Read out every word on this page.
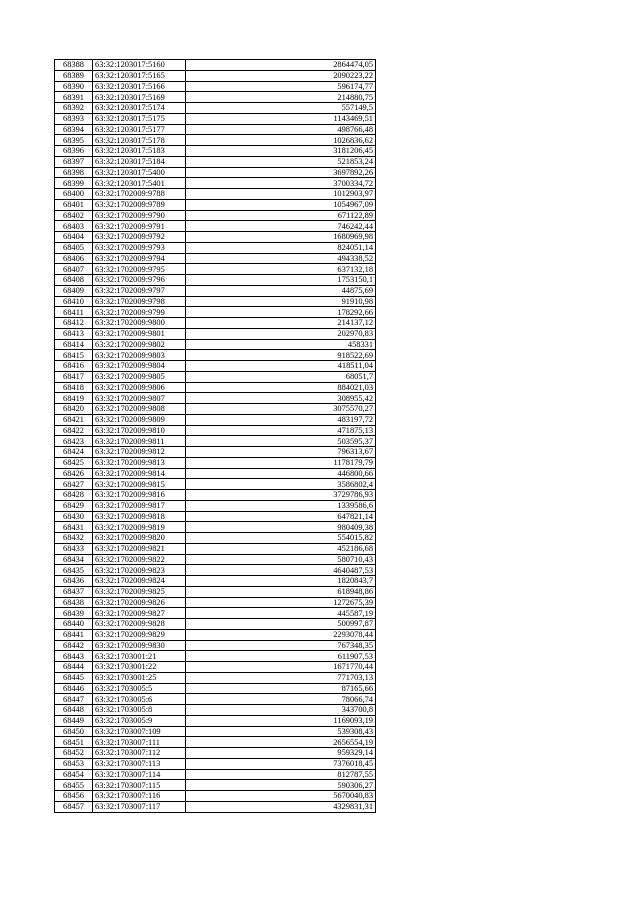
68388	63:32:1203017:5160	2864474,05
68389	63:32:1203017:5165	2090223,22
68390	63:32:1203017:5166	596174,77
68391	63:32:1203017:5169	214880,75
68392	63:32:1203017:5174	557149,5
68393	63:32:1203017:5175	1143469,51
68394	63:32:1203017:5177	498766,48
68395	63:32:1203017:5178	1026836,62
68396	63:32:1203017:5183	3181206,45
68397	63:32:1203017:5184	521853,24
68398	63:32:1203017:5400	3697892,26
68399	63:32:1203017:5401	3700334,72
68400	63:32:1702009:9788	1012903,97
68401	63:32:1702009:9789	1054967,09
68402	63:32:1702009:9790	671122,89
68403	63:32:1702009:9791	746242,44
68404	63:32:1702009:9792	1680969,98
68405	63:32:1702009:9793	824051,14
68406	63:32:1702009:9794	494338,52
68407	63:32:1702009:9795	637132,18
68408	63:32:1702009:9796	1753150,1
68409	63:32:1702009:9797	44875,69
68410	63:32:1702009:9798	91910,98
68411	63:32:1702009:9799	178292,66
68412	63:32:1702009:9800	214137,12
68413	63:32:1702009:9801	202970,83
68414	63:32:1702009:9802	458331
68415	63:32:1702009:9803	918522,69
68416	63:32:1702009:9804	418511,04
68417	63:32:1702009:9805	68051,7
68418	63:32:1702009:9806	884021,03
68419	63:32:1702009:9807	308955,42
68420	63:32:1702009:9808	3075570,27
68421	63:32:1702009:9809	483197,72
68422	63:32:1702009:9810	471875,13
68423	63:32:1702009:9811	503595,37
68424	63:32:1702009:9812	796313,67
68425	63:32:1702009:9813	1178179,79
68426	63:32:1702009:9814	446800,66
68427	63:32:1702009:9815	3586802,4
68428	63:32:1702009:9816	3729786,93
68429	63:32:1702009:9817	1339586,6
68430	63:32:1702009:9818	647821,14
68431	63:32:1702009:9819	980409,38
68432	63:32:1702009:9820	554015,82
68433	63:32:1702009:9821	452186,68
68434	63:32:1702009:9822	580710,43
68435	63:32:1702009:9823	4640487,53
68436	63:32:1702009:9824	1820843,7
68437	63:32:1702009:9825	618948,86
68438	63:32:1702009:9826	1272675,39
68439	63:32:1702009:9827	445587,19
68440	63:32:1702009:9828	500997,87
68441	63:32:1702009:9829	2293078,44
68442	63:32:1702009:9830	767348,35
68443	63:32:1703001:21	611907,53
68444	63:32:1703001:22	1671770,44
68445	63:32:1703001:25	771703,13
68446	63:32:1703005:5	87165,66
68447	63:32:1703005:6	78066,74
68448	63:32:1703005:8	343700,8
68449	63:32:1703005:9	1169093,19
68450	63:32:1703007:109	539308,43
68451	63:32:1703007:111	2656554,19
68452	63:32:1703007:112	959329,14
68453	63:32:1703007:113	7376018,45
68454	63:32:1703007:114	812787,55
68455	63:32:1703007:115	590306,27
68456	63:32:1703007:116	5670040,83
68457	63:32:1703007:117	4329831,31
